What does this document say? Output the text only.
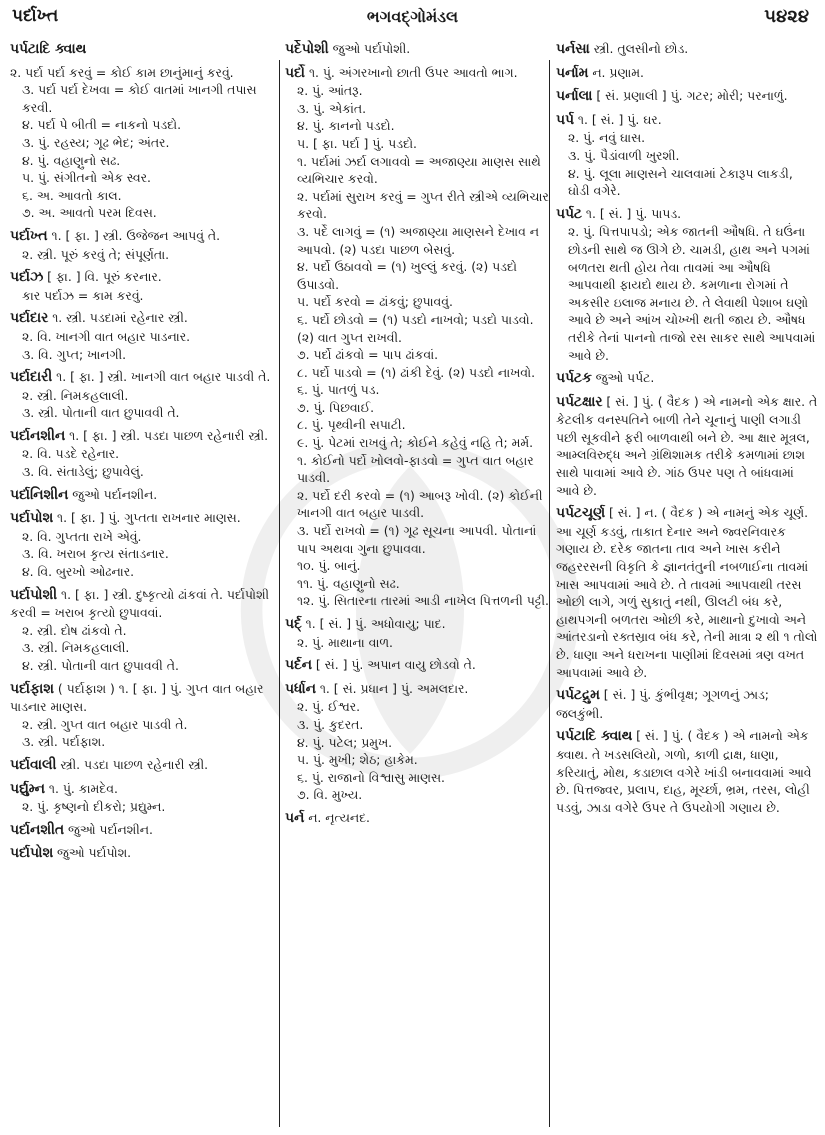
પર્દાખ્ત	ભગવદ્ગોમંડલ	૫૪૨૪
પર્પટાદિ ક્વાથ
૨. પર્દા પર્દા કરવું = કોઈ કામ છાનુંમાનું કરવું.
૩. પર્દા પર્દા દેખવા = કોઈ વાતમાં ખાનગી તપાસ કરવી.
૪. પર્દા પે બીતી = નાકનો પડદો.
૩. પું. રહસ્ય; ગૂઢ ભેદ; અંતર.
૪. પું. વહાણુનો સઢ.
૫. પું. સંગીતનો એક સ્વર.
૬. અ. આવતો કાલ.
૭. અ. આવતો પરમ દિવસ.
પર્દાખ્ત ૧. [ ફા. ] સ્ત્રી. ઉજેજન આપવું તે.
૨. સ્ત્રી. પૂરું કરવું તે; સંપૂર્ણતા.
પર્દાઝ [ ફા. ] વિ. પૂરું કરનાર.
કાર પર્દાઝ = કામ કરવું.
પર્દાદાર ૧. સ્ત્રી. પડદામાં રહેનાર સ્ત્રી.
૨. વિ. ખાનગી વાત બહાર પાડનાર.
૩. વિ. ગુપ્ત; ખાનગી.
પર્દાદારી ૧. [ ફા. ] સ્ત્રી. ખાનગી વાત બહાર પાડવી તે.
૨. સ્ત્રી. નિમકહલાલી.
૩. સ્ત્રી. પોતાની વાત છુપાવવી તે.
પર્દાનશીન ૧. [ ફા. ] સ્ત્રી. પડદા પાછળ રહેનારી સ્ત્રી.
૨. વિ. પડદે રહેનાર.
૩. વિ. સંતાડેલું; છુપાવેલું.
પર્દાનિશીન જુઓ પર્દાનશીન.
પર્દાપોશ ૧. [ ફા. ] પું. ગુપ્તતા રાખનાર માણસ.
૨. વિ. ગુપ્તતા રાખે એવું.
૩. વિ. ખરાબ કૃત્ય સંતાડનાર.
૪. વિ. બુરખો ઓઢનાર.
પર્દાપોશી ૧. [ ફા. ] સ્ત્રી. દુષ્કૃત્યો ઢાંકવાં તે. પર્દાપોશી કરવી = ખરાબ કૃત્યો છુપાવવાં.
૨. સ્ત્રી. દોષ ઢાંકવો તે.
૩. સ્ત્રી. નિમકહલાલી.
૪. સ્ત્રી. પોતાની વાત છુપાવવી તે.
પર્દાફાશ ( પર્દાફાશ ) ૧. [ ફા. ] પું. ગુપ્ત વાત બહાર પાડનાર માણસ.
૨. સ્ત્રી. ગુપ્ત વાત બહાર પાડવી તે.
૩. સ્ત્રી. પર્દાફાશ.
પર્દાવાલી સ્ત્રી. પડદા પાછળ રહેનારી સ્ત્રી.
પર્દ્યુમ્ન ૧. પું. કામદેવ.
૨. પું. કૃષ્ણનો દીકરો; પ્રદ્યુમ્ન.
પર્દાનશીત જુઓ પર્દાનશીન.
પર્દાપોશ જુઓ પર્દાપોશ.
પર્દેપોશી જુઓ પર્દાપોશી.
પર્દો ૧. પું. અંગરખાનો છાતી ઉપર આવતો ભાગ.
૨. પું. આંતરૂ.
૩. પું. એકાંત.
૪. પું. કાનનો પડદો.
૫. [ ફા. પર્દા ] પું. પડદો.
૧. પર્દામાં ઝર્દા લગાવવો = અજાણ્યા માણસ સાથે વ્યભિચાર કરવો.
૨. પર્દામાં સુરાખ કરવું = ગુપ્ત રીતે સ્ત્રીએ વ્યભિચાર કરવો.
૩. પર્દે લાગવું = (૧) અજાણ્યા માણસને દેખાવ ન આપવો. (૨) પડદા પાછળ બેસવું.
૪. પર્દો ઉઠાવવો = (૧) ખુલ્લું કરવું. (૨) પડદો ઉપાડવો.
૫. પર્દો કરવો = ઢાંકવું; છુપાવવું.
૬. પર્દો છોડવો = (૧) પડદો નાખવો; પડદો પાડવો. (૨) વાત ગુપ્ત રાખવી.
૭. પર્દો ઢાંકવો = પાપ ઢાંકવાં.
૮. પર્દો પાડવો = (૧) ઢાંકી દેવું. (૨) પડદો નાખવો.
૬. પું. પાતળું પડ.
૭. પું. પિછવાઈ.
૮. પું. પૃથ્વીની સપાટી.
૯. પું. પેટમાં રાખવું તે; કોઈને કહેવું નહિ તે; મર્મ.
૧. કોઈનો પર્દો ખોલવો-ફાડવો = ગુપ્ત વાત બહાર પાડવી.
૨. પર્દો દરી કરવો = (૧) આબરૂ ખોવી. (૨) કોઈની ખાનગી વાત બહાર પાડવી.
૩. પર્દો રાખવો = (૧) ગૂઢ સૂચના આપવી. પોતાનાં પાપ અથવા ગુના છુપાવવા.
૧૦. પું. બાનું.
૧૧. પું. વહાણુનો સઢ.
૧૨. પું. સિતારના તારમાં આડી નાખેલ પિત્તળની પટ્ટી.
પર્દ્ ૧. [ સં. ] પું. અધોવાયુ; પાદ.
૨. પું. માથાના વાળ.
પર્દન [ સં. ] પું. અપાન વાયુ છોડવો તે.
પર્ધાન ૧. [ સં. પ્રધાન ] પું. અમલદાર.
૨. પું. ઈશ્વર.
૩. પું. કુદરત.
૪. પું. પટેલ; પ્રમુખ.
૫. પું. મુખી; શેઠ; હાકેમ.
૬. પું. રાજાનો વિશ્વાસુ માણસ.
૭. વિ. મુખ્ય.
પર્ન ન. નૃત્યનદ.
પર્નસા સ્ત્રી. તુલસીનો છોડ.
પર્નામ ન. પ્રણામ.
પર્નાલા [ સં. પ્રણાલી ] પું. ગટર; મોરી; પરનાળું.
પર્પ ૧. [ સં. ] પું. ઘર.
૨. પું. નવું ઘાસ.
૩. પું. પૈડાંવાળી ખુરશી.
૪. પું. લૂલા માણસને ચાલવામાં ટેકારૂપ લાકડી, ઘોડી વગેરે.
પર્પટ ૧. [ સં. ] પું. પાપડ.
૨. પું. પિત્તપાપડો; એક જાતની ઔષધિ. તે ઘઉંના છોડની સાથે જ ઊગે છે. ચામડી, હાથ અને પગમાં બળતરા થતી હોય તેવા તાવમાં આ ઔષધિ આપવાથી ફાયદો થાય છે. કમળાના રોગમાં તે અકસીર ઇલાજ મનાય છે. તે લેવાથી પેશાબ ઘણો આવે છે અને આંખ ચોખ્ખી થતી જાય છે. ઔષધ તરીકે તેનાં પાનનો તાજો રસ સાકર સાથે આપવામાં આવે છે.
પર્પટક જુઓ પર્પટ.
પર્પટક્ષાર [ સં. ] પું. ( વૈદક ) એ નામનો એક ક્ષાર. તે કેટલીક વનસ્પતિને બાળી તેને ચૂનાનું પાણી લગાડી પછી સૂકવીને ફરી બાળવાથી બને છે. આ ક્ષાર મૂત્રલ, આમ્લવિરુદ્ધ અને ગ્રંથિશામક તરીકે કમળામાં છાશ સાથે પાવામાં આવે છે. ગાંઠ ઉપર પણ તે બાંધવામાં આવે છે.
પર્પટચૂર્ણ [ સં. ] ન. ( વૈદક ) એ નામનું એક ચૂર્ણ. આ ચૂર્ણ કડવું, તાકાત દેનાર અને જ્વરનિવારક ગણાય છે. દરેક જાતના તાવ અને ખાસ કરીને જહરરસની વિકૃતિ કે જ્ઞાનતંતુની નબળાઈના તાવમાં ખાસ આપવામાં આવે છે. તે તાવમાં આપવાથી તરસ ઓછી લાગે, ગળું સુકાતું નથી, ઊલટી બંધ કરે, હાથપગની બળતરા ઓછી કરે, માથાનો દુખાવો અને આંતરડાનો રક્તસ્રાવ બંધ કરે, તેની માત્રા ૨ થી ૧ તોલો છે. ધાણા અને ધરાખના પાણીમાં દિવસમાં ત્રણ વખત આપવામાં આવે છે.
પર્પટદ્રુમ [ સં. ] પું. કુંભીવૃક્ષ; ગૂગળનું ઝાડ; જલકુંભી.
પર્પટાદિ ક્વાથ [ સં. ] પું. ( વૈદક ) એ નામનો એક ક્વાથ. તે ખડસલિયો, ગળો, કાળી દ્રાક્ષ, ધાણા, કરિયાતું, મોથ, કડાછાલ વગેરે ખાંડી બનાવવામાં આવે છે. પિત્તજ્વર, પ્રલાપ, દાહ, મૂર્ચ્છા, ભ્રમ, તરસ, લોહી પડવું, ઝાડા વગેરે ઉપર તે ઉપયોગી ગણાય છે.
